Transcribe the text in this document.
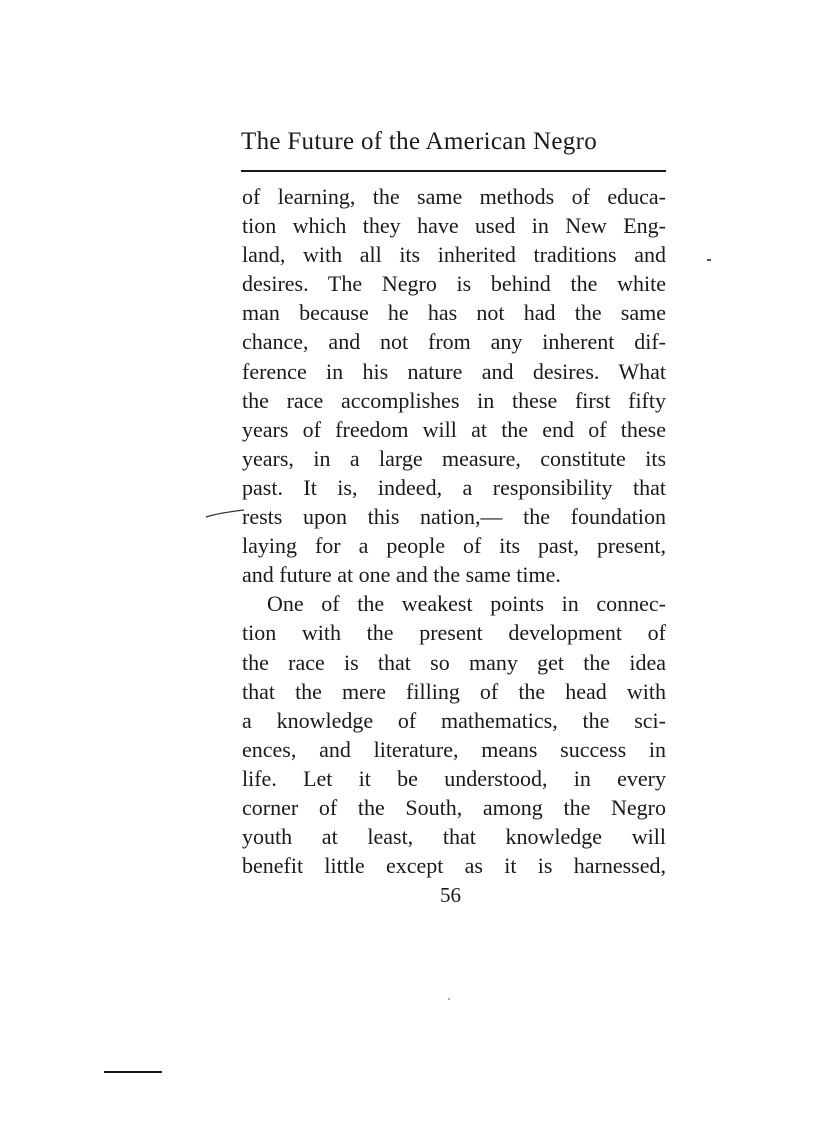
The Future of the American Negro
of learning, the same methods of educa-
tion which they have used in New Eng-
land, with all its inherited traditions and
desires. The Negro is behind the white
man because he has not had the same
chance, and not from any inherent dif-
ference in his nature and desires. What
the race accomplishes in these first fifty
years of freedom will at the end of these
years, in a large measure, constitute its
past. It is, indeed, a responsibility that
rests upon this nation,— the foundation
laying for a people of its past, present,
and future at one and the same time.
One of the weakest points in connec-
tion with the present development of
the race is that so many get the idea
that the mere filling of the head with
a knowledge of mathematics, the sci-
ences, and literature, means success in
life. Let it be understood, in every
corner of the South, among the Negro
youth at least, that knowledge will
benefit little except as it is harnessed,
56
